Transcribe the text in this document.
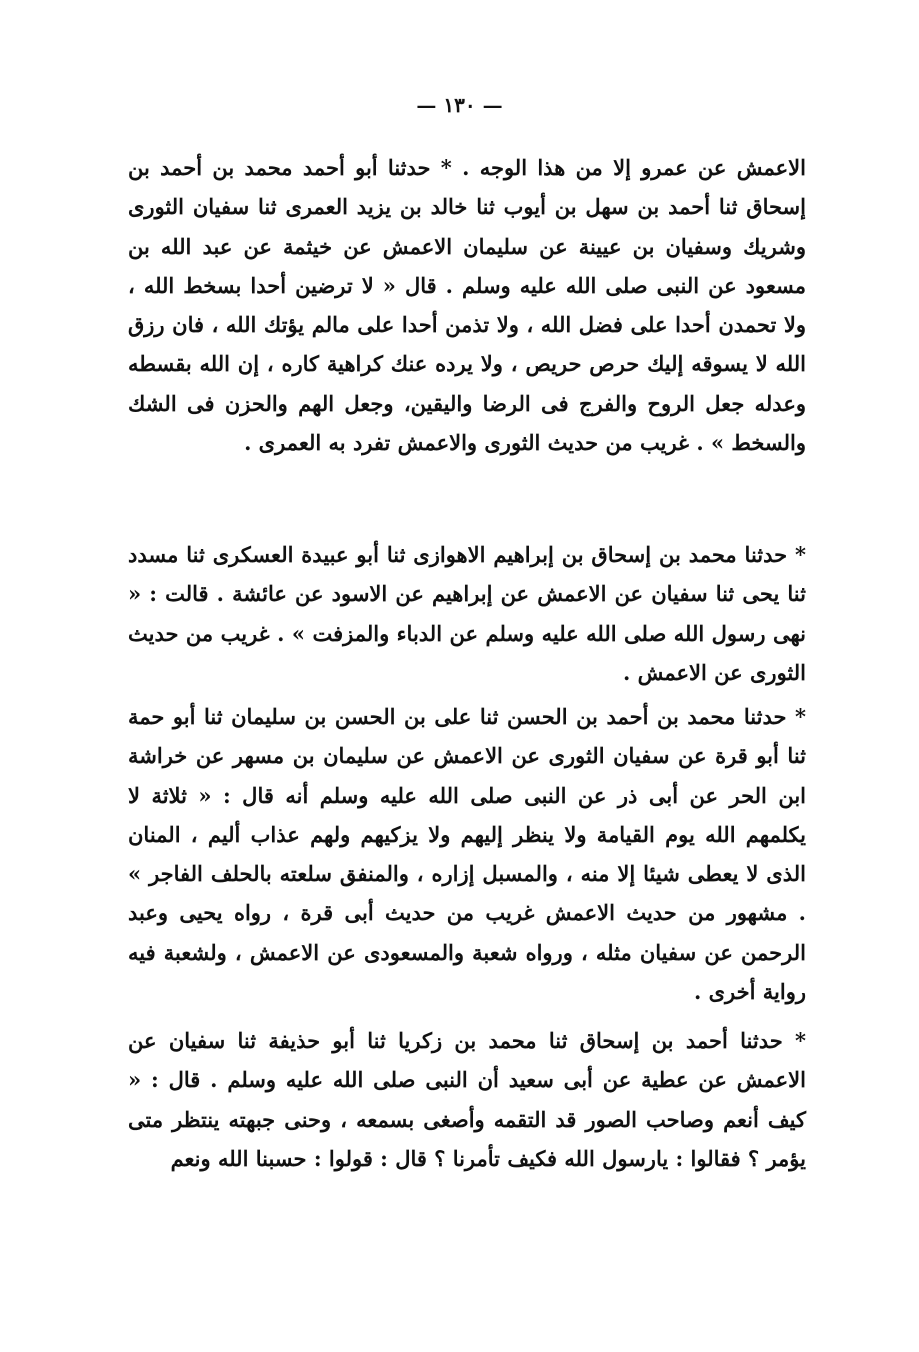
— ١٣٠ —

الاعمش عن عمرو إلا من هذا الوجه . * حدثنا أبو أحمد محمد بن أحمد بن إسحاق ثنا أحمد بن سهل بن أيوب ثنا خالد بن يزيد العمرى ثنا سفيان الثورى وشريك وسفيان بن عيينة عن سليمان الاعمش عن خيثمة عن عبد الله بن مسعود عن النبى صلى الله عليه وسلم . قال « لا ترضين أحدا بسخط الله ، ولا تحمدن أحدا على فضل الله ، ولا تذمن أحدا على مالم يؤتك الله ، فان رزق الله لا يسوقه إليك حرص حريص ، ولا يرده عنك كراهية كاره ، إن الله بقسطه وعدله جعل الروح والفرج فى الرضا واليقين، وجعل الهم والحزن فى الشك والسخط » . غريب من حديث الثورى والاعمش تفرد به العمرى .

* حدثنا محمد بن إسحاق بن إبراهيم الاهوازى ثنا أبو عبيدة العسكرى ثنا مسدد ثنا يحى ثنا سفيان عن الاعمش عن إبراهيم عن الاسود عن عائشة . قالت : « نهى رسول الله صلى الله عليه وسلم عن الدباء والمزفت » . غريب من حديث الثورى عن الاعمش .

* حدثنا محمد بن أحمد بن الحسن ثنا على بن الحسن بن سليمان ثنا أبو حمة ثنا أبو قرة عن سفيان الثورى عن الاعمش عن سليمان بن مسهر عن خراشة ابن الحر عن أبى ذر عن النبى صلى الله عليه وسلم أنه قال : « ثلاثة لا يكلمهم الله يوم القيامة ولا ينظر إليهم ولا يزكيهم ولهم عذاب أليم ، المنان الذى لا يعطى شيئا إلا منه ، والمسبل إزاره ، والمنفق سلعته بالحلف الفاجر » . مشهور من حديث الاعمش غريب من حديث أبى قرة ، رواه يحيى وعبد الرحمن عن سفيان مثله ، ورواه شعبة والمسعودى عن الاعمش ، ولشعبة فيه رواية أخرى .

* حدثنا أحمد بن إسحاق ثنا محمد بن زكريا ثنا أبو حذيفة ثنا سفيان عن الاعمش عن عطية عن أبى سعيد أن النبى صلى الله عليه وسلم . قال : « كيف أنعم وصاحب الصور قد التقمه وأصغى بسمعه ، وحنى جبهته ينتظر متى يؤمر ؟ فقالوا : يارسول الله فكيف تأمرنا ؟ قال : قولوا : حسبنا الله ونعم
